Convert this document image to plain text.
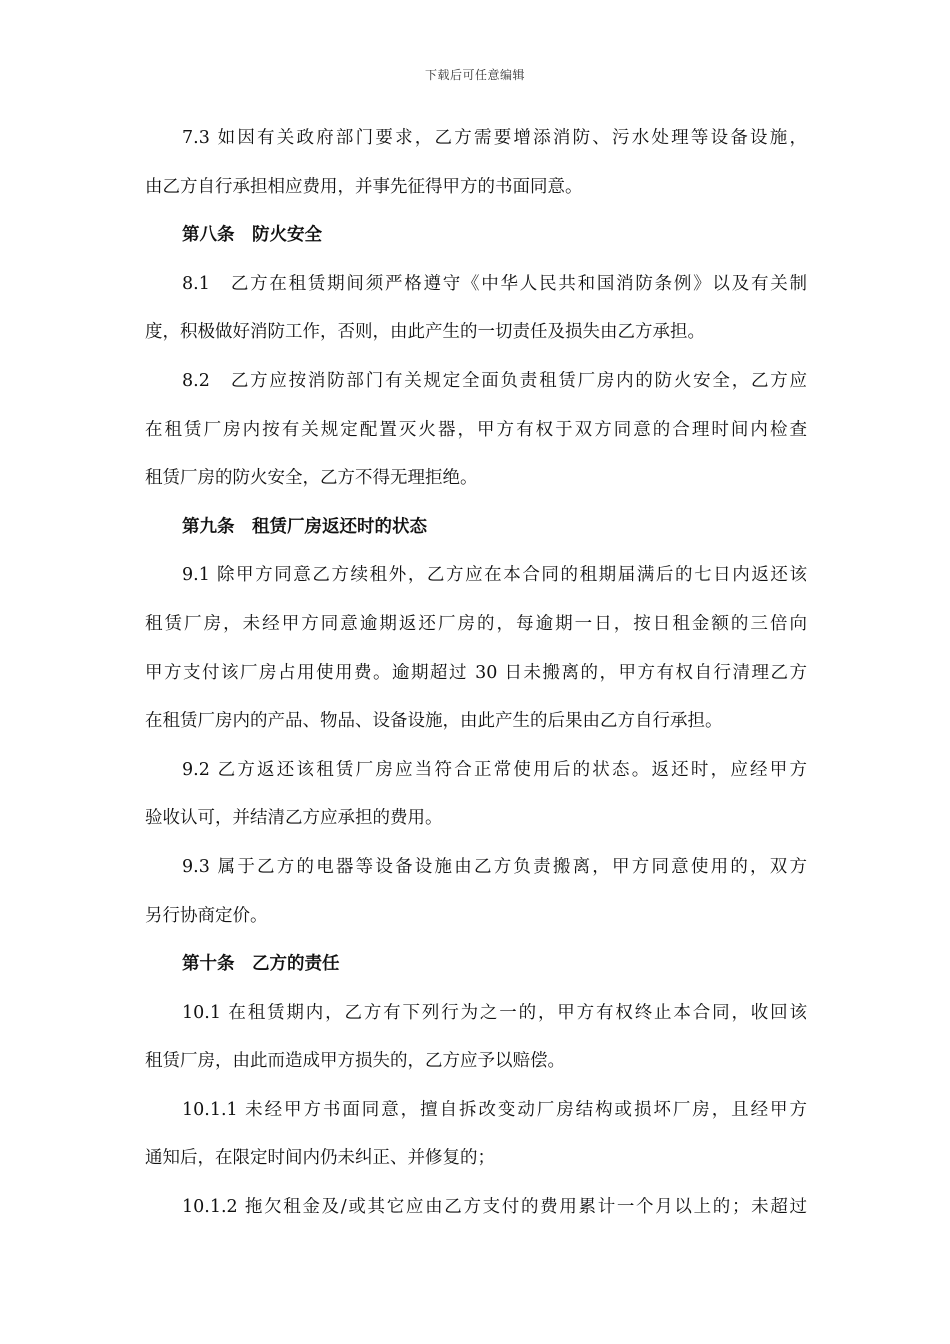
下载后可任意编辑
7.3 如因有关政府部门要求，乙方需要增添消防、污水处理等设备设施，
由乙方自行承担相应费用，并事先征得甲方的书面同意。
第八条　防火安全
8.1　乙方在租赁期间须严格遵守《中华人民共和国消防条例》以及有关制
度，积极做好消防工作，否则，由此产生的一切责任及损失由乙方承担。
8.2　乙方应按消防部门有关规定全面负责租赁厂房内的防火安全，乙方应
在租赁厂房内按有关规定配置灭火器，甲方有权于双方同意的合理时间内检查
租赁厂房的防火安全，乙方不得无理拒绝。
第九条　租赁厂房返还时的状态
9.1 除甲方同意乙方续租外，乙方应在本合同的租期届满后的七日内返还该
租赁厂房，未经甲方同意逾期返还厂房的，每逾期一日，按日租金额的三倍向
甲方支付该厂房占用使用费。逾期超过 30 日未搬离的，甲方有权自行清理乙方
在租赁厂房内的产品、物品、设备设施，由此产生的后果由乙方自行承担。
9.2 乙方返还该租赁厂房应当符合正常使用后的状态。返还时，应经甲方
验收认可，并结清乙方应承担的费用。
9.3 属于乙方的电器等设备设施由乙方负责搬离，甲方同意使用的，双方
另行协商定价。
第十条　乙方的责任
10.1 在租赁期内，乙方有下列行为之一的，甲方有权终止本合同，收回该
租赁厂房，由此而造成甲方损失的，乙方应予以赔偿。
10.1.1 未经甲方书面同意，擅自拆改变动厂房结构或损坏厂房，且经甲方
通知后，在限定时间内仍未纠正、并修复的；
10.1.2 拖欠租金及/或其它应由乙方支付的费用累计一个月以上的；未超过
